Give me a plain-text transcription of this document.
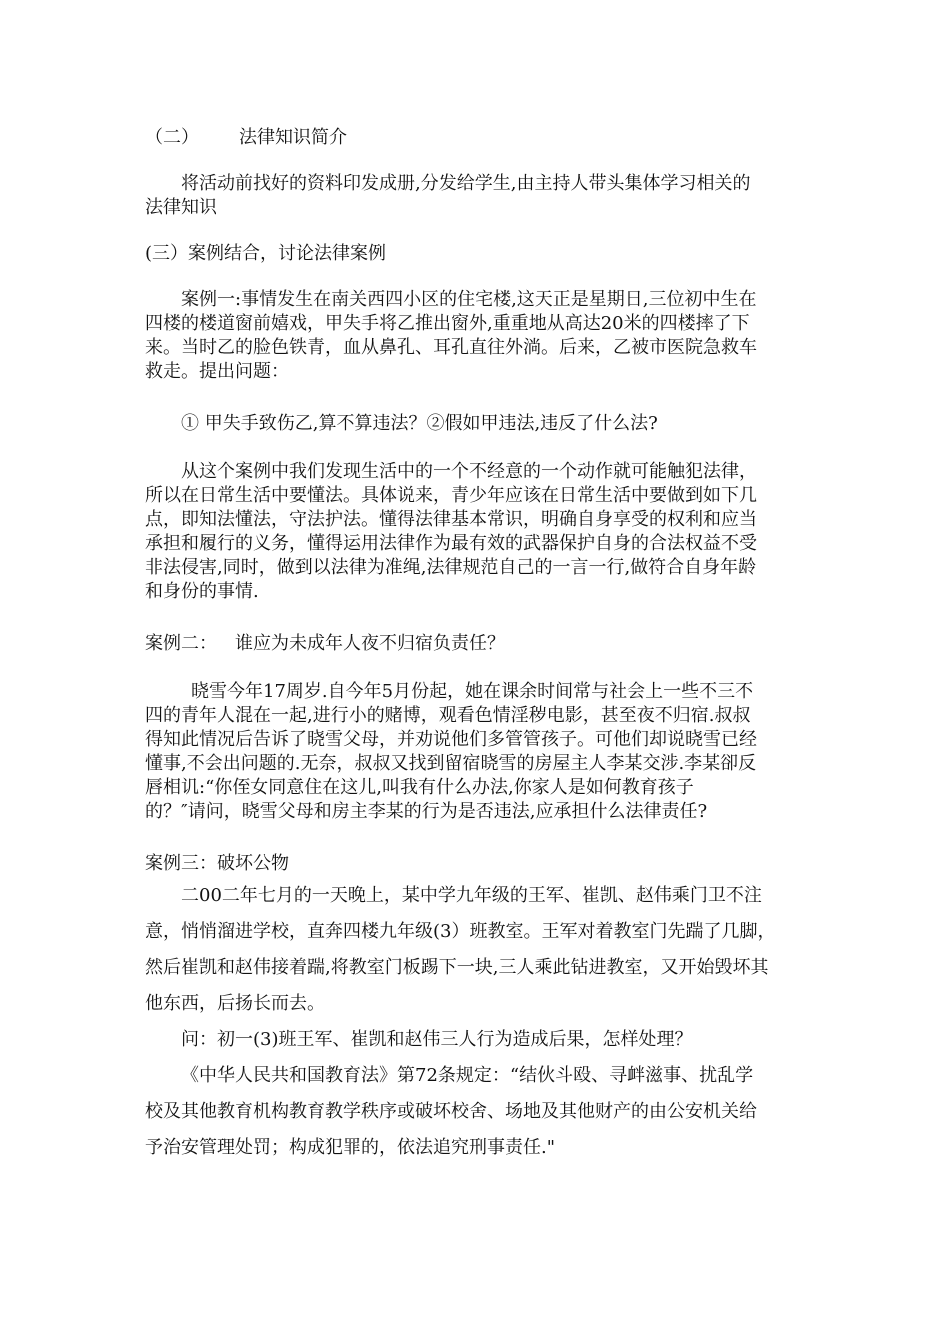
（二） 法律知识简介

将活动前找好的资料印发成册,分发给学生,由主持人带头集体学习相关的

法律知识

(三）案例结合，讨论法律案例

案例一:事情发生在南关西四小区的住宅楼,这天正是星期日,三位初中生在

四楼的楼道窗前嬉戏，甲失手将乙推出窗外,重重地从高达20米的四楼摔了下

来。当时乙的脸色铁青，血从鼻孔、耳孔直往外淌。后来，乙被市医院急救车

救走。提出问题：

① 甲失手致伤乙,算不算违法？②假如甲违法,违反了什么法?

从这个案例中我们发现生活中的一个不经意的一个动作就可能触犯法律，

所以在日常生活中要懂法。具体说来，青少年应该在日常生活中要做到如下几

点，即知法懂法，守法护法。懂得法律基本常识，明确自身享受的权利和应当

承担和履行的义务，懂得运用法律作为最有效的武器保护自身的合法权益不受

非法侵害,同时，做到以法律为准绳,法律规范自己的一言一行,做符合自身年龄

和身份的事情.

案例二： 谁应为未成年人夜不归宿负责任？

晓雪今年17周岁.自今年5月份起，她在课余时间常与社会上一些不三不

四的青年人混在一起,进行小的赌博，观看色情淫秽电影，甚至夜不归宿.叔叔

得知此情况后告诉了晓雪父母，并劝说他们多管管孩子。可他们却说晓雪已经

懂事,不会出问题的.无奈，叔叔又找到留宿晓雪的房屋主人李某交涉.李某卻反

唇相讥:“你侄女同意住在这儿,叫我有什么办法,你家人是如何教育孩子

的？″请问，晓雪父母和房主李某的行为是否违法,应承担什么法律责任?

案例三：破坏公物

二00二年七月的一天晚上，某中学九年级的王军、崔凯、赵伟乘门卫不注

意，悄悄溜进学校，直奔四楼九年级(3）班教室。王军对着教室门先踹了几脚，

然后崔凯和赵伟接着踹,将教室门板踢下一块,三人乘此钻进教室，又开始毁坏其

他东西，后扬长而去。

问：初一(3)班王军、崔凯和赵伟三人行为造成后果，怎样处理？

《中华人民共和国教育法》第72条规定：“结伙斗殴、寻衅滋事、扰乱学

校及其他教育机构教育教学秩序或破坏校舍、场地及其他财产的由公安机关给

予治安管理处罚；构成犯罪的，依法追究刑事责任."
